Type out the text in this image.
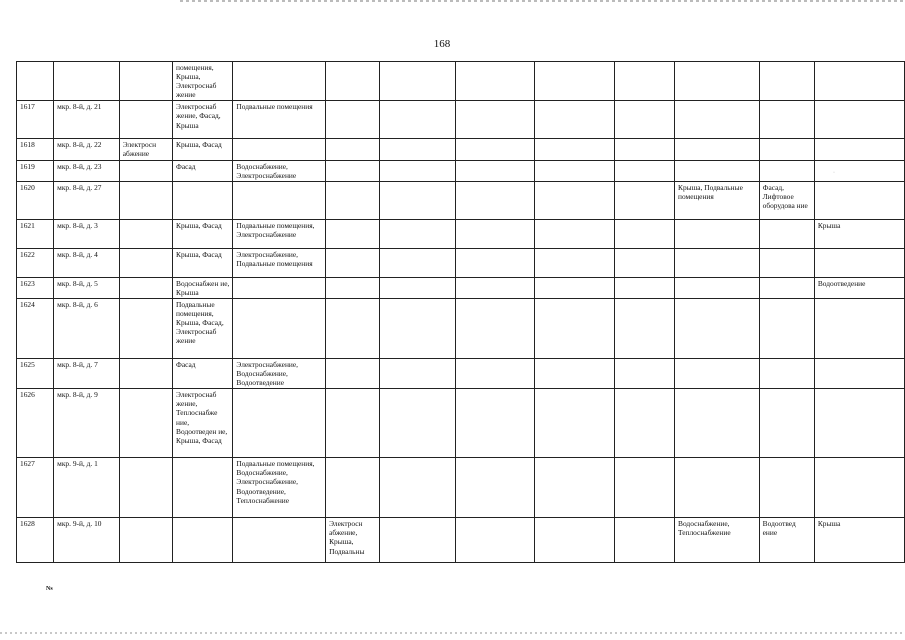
168
			помещения, Крыша, Электроснаб жение									
1617	мкр. 8-й, д. 21		Электроснаб жение, Фасад, Крыша	Подвальные помещения								
1618	мкр. 8-й, д. 22	Электросн абжение	Крыша, Фасад									
1619	мкр. 8-й, д. 23		Фасад	Водоснабжение, Электроснабжение								
1620	мкр. 8-й, д. 27									Крыша, Подвальные помещения	Фасад, Лифтовое оборудова ние	
1621	мкр. 8-й, д. 3		Крыша, Фасад	Подвальные помещения, Электроснабжение								Крыша
1622	мкр. 8-й, д. 4		Крыша, Фасад	Электроснабжение, Подвальные помещения								
1623	мкр. 8-й, д. 5		Водоснабжен ие, Крыша									Водоотведение
1624	мкр. 8-й, д. 6		Подвальные помещения, Крыша, Фасад, Электроснаб жение									
1625	мкр. 8-й, д. 7		Фасад	Электроснабжение, Водоснабжение, Водоотведение								
1626	мкр. 8-й, д. 9		Электроснаб жение, Теплоснабже ние, Водоотведен ие, Крыша, Фасад									
1627	мкр. 9-й, д. 1			Подвальные помещения, Водоснабжение, Электроснабжение, Водоотведение, Теплоснабжение								
1628	мкр. 9-й, д. 10				Электросн абжение, Крыша, Подвальны					Водоснабжение, Теплоснабжение	Водоотвед ение	Крыша
·
Ns
